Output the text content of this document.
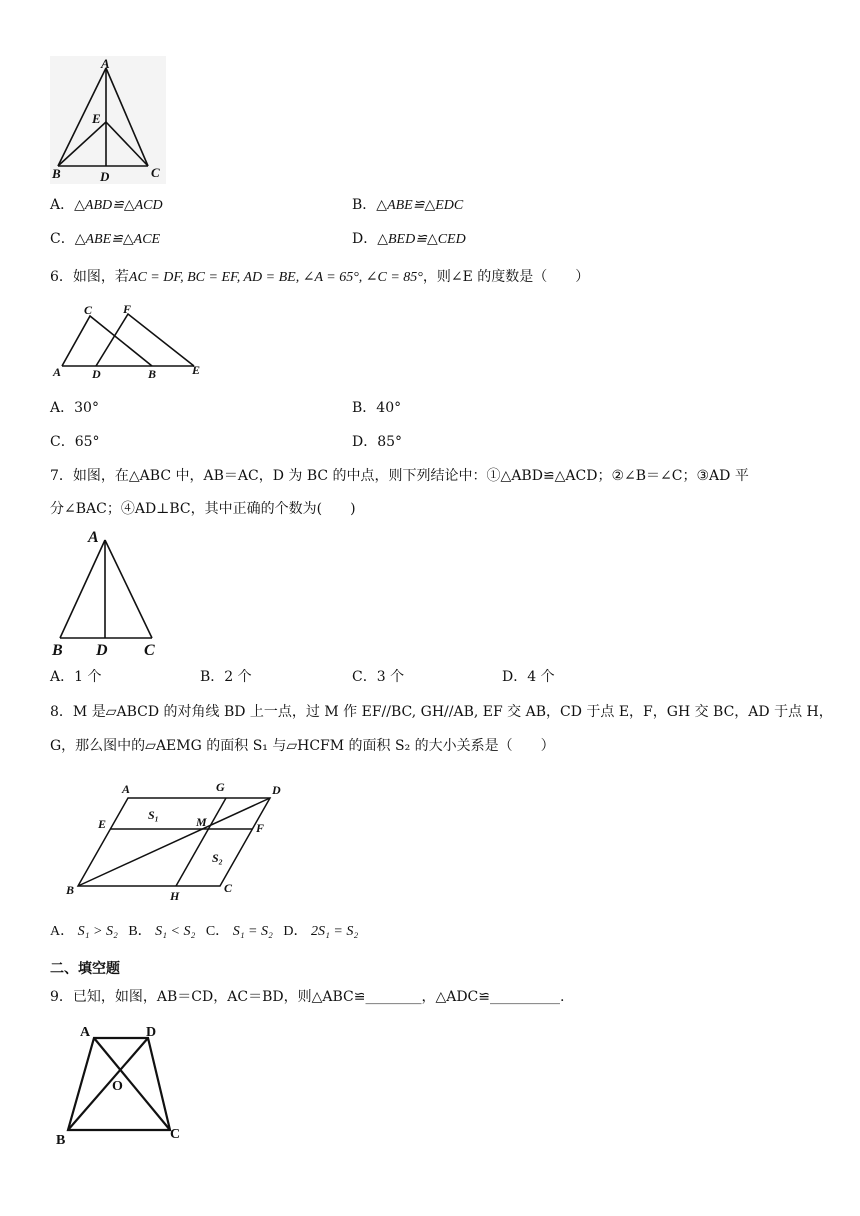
A
E
B	D	C
A．△ABD≌△ACD	B．△ABE≌△EDC
C．△ABE≌△ACE	D．△BED≌△CED
6．如图，若AC = DF, BC = EF, AD = BE, ∠A = 65°, ∠C = 85°，则∠E 的度数是（　　）
C	F
A	D	B	E
A．30°	B．40°
C．65°	D．85°
7．如图，在△ABC 中，AB＝AC，D 为 BC 的中点，则下列结论中：①△ABD≌△ACD；②∠B＝∠C；③AD 平
分∠BAC；④AD⊥BC，其中正确的个数为(　　)
A
B D C
A．1 个	B．2 个	C．3 个	D．4 个
8．M 是▱ABCD 的对角线 BD 上一点，过 M 作 EF//BC, GH//AB, EF 交 AB，CD 于点 E，F，GH 交 BC，AD 于点 H，
G，那么图中的▱AEMG 的面积 S₁ 与▱HCFM 的面积 S₂ 的大小关系是（　　）
A	G	D
E
S₁	M	F
S₂
B	H
C
A． S₁ > S₂ B． S₁ < S₂ C． S₁ = S₂ D． 2S₁ = S₂
二、填空题
9．已知，如图，AB＝CD，AC＝BD，则△ABC≌________，△ADC≌__________.
A	D
O
B	C
